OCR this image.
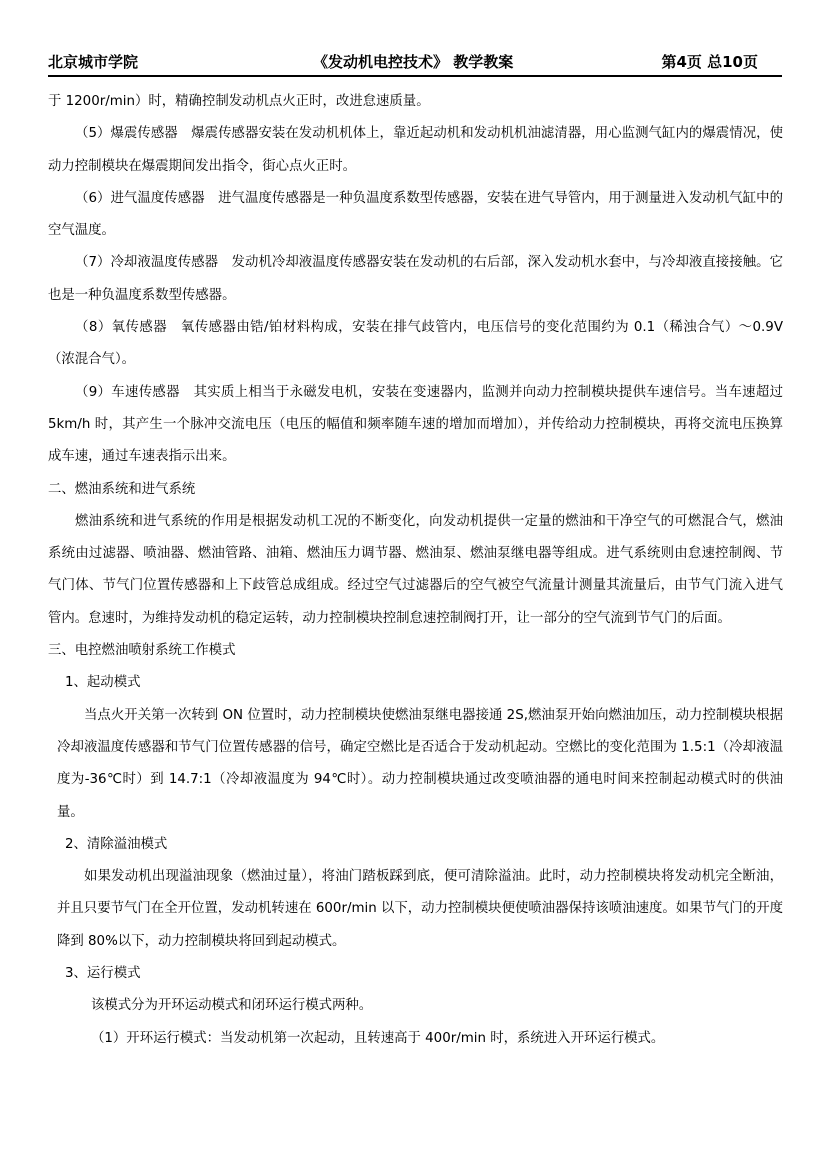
北京城市学院	《发动机电控技术》 教学教案	第4页 总10页

于 1200r/min）时，精确控制发动机点火正时，改进怠速质量。

（5）爆震传感器　爆震传感器安装在发动机机体上，靠近起动机和发动机机油滤清器，用心监测气缸内的爆震情况，使动力控制模块在爆震期间发出指令，街心点火正时。

（6）进气温度传感器　进气温度传感器是一种负温度系数型传感器，安装在进气导管内，用于测量进入发动机气缸中的空气温度。

（7）冷却液温度传感器　发动机冷却液温度传感器安装在发动机的右后部，深入发动机水套中，与冷却液直接接触。它也是一种负温度系数型传感器。

（8）氧传感器　氧传感器由锆/铂材料构成，安装在排气歧管内，电压信号的变化范围约为 0.1（稀浊合气）～0.9V（浓混合气）。

（9）车速传感器　其实质上相当于永磁发电机，安装在变速器内，监测并向动力控制模块提供车速信号。当车速超过 5km/h 时，其产生一个脉冲交流电压（电压的幅值和频率随车速的增加而增加），并传给动力控制模块，再将交流电压换算成车速，通过车速表指示出来。

二、燃油系统和进气系统

燃油系统和进气系统的作用是根据发动机工况的不断变化，向发动机提供一定量的燃油和干净空气的可燃混合气，燃油系统由过滤器、喷油器、燃油管路、油箱、燃油压力调节器、燃油泵、燃油泵继电器等组成。进气系统则由怠速控制阀、节气门体、节气门位置传感器和上下歧管总成组成。经过空气过滤器后的空气被空气流量计测量其流量后，由节气门流入进气管内。怠速时，为维持发动机的稳定运转，动力控制模块控制怠速控制阀打开，让一部分的空气流到节气门的后面。

三、电控燃油喷射系统工作模式

1、起动模式

当点火开关第一次转到 ON 位置时，动力控制模块使燃油泵继电器接通 2S,燃油泵开始向燃油加压，动力控制模块根据冷却液温度传感器和节气门位置传感器的信号，确定空燃比是否适合于发动机起动。空燃比的变化范围为 1.5:1（冷却液温度为-36℃时）到 14.7:1（冷却液温度为 94℃时）。动力控制模块通过改变喷油器的通电时间来控制起动模式时的供油量。

2、清除溢油模式

如果发动机出现溢油现象（燃油过量），将油门踏板踩到底，便可清除溢油。此时，动力控制模块将发动机完全断油，并且只要节气门在全开位置，发动机转速在 600r/min 以下，动力控制模块便使喷油器保持该喷油速度。如果节气门的开度降到 80%以下，动力控制模块将回到起动模式。

3、运行模式

该模式分为开环运动模式和闭环运行模式两种。

（1）开环运行模式：当发动机第一次起动，且转速高于 400r/min 时，系统进入开环运行模式。
